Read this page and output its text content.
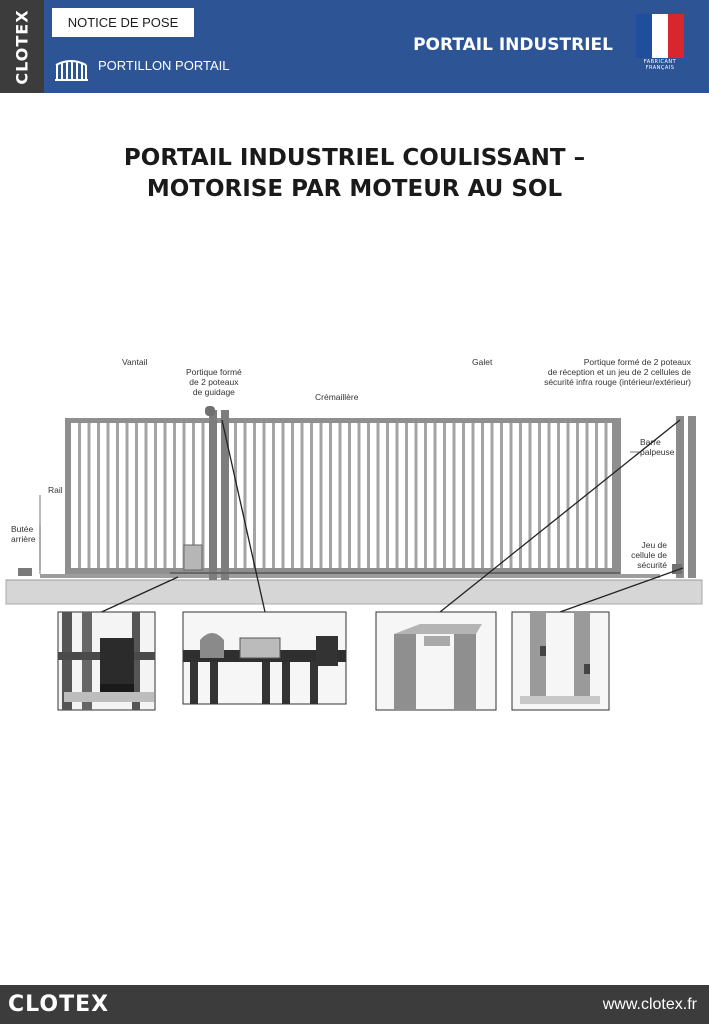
CLOTEX	NOTICE DE POSE
PORTILLON PORTAIL
PORTAIL INDUSTRIEL
FABRICANT
FRANÇAIS
PORTAIL INDUSTRIEL COULISSANT –
MOTORISE PAR MOTEUR AU SOL
Vantail
Portique formé
de 2 poteaux
de guidage	Crémaillère
Galet	Portique formé de 2 poteaux
de réception et un jeu de 2 cellules de
sécurité infra rouge (intérieur/extérieur)
Barre
palpeuse
Rail
Butée
arrière
Jeu de
cellule de
sécurité
CLOTEX	www.clotex.fr
